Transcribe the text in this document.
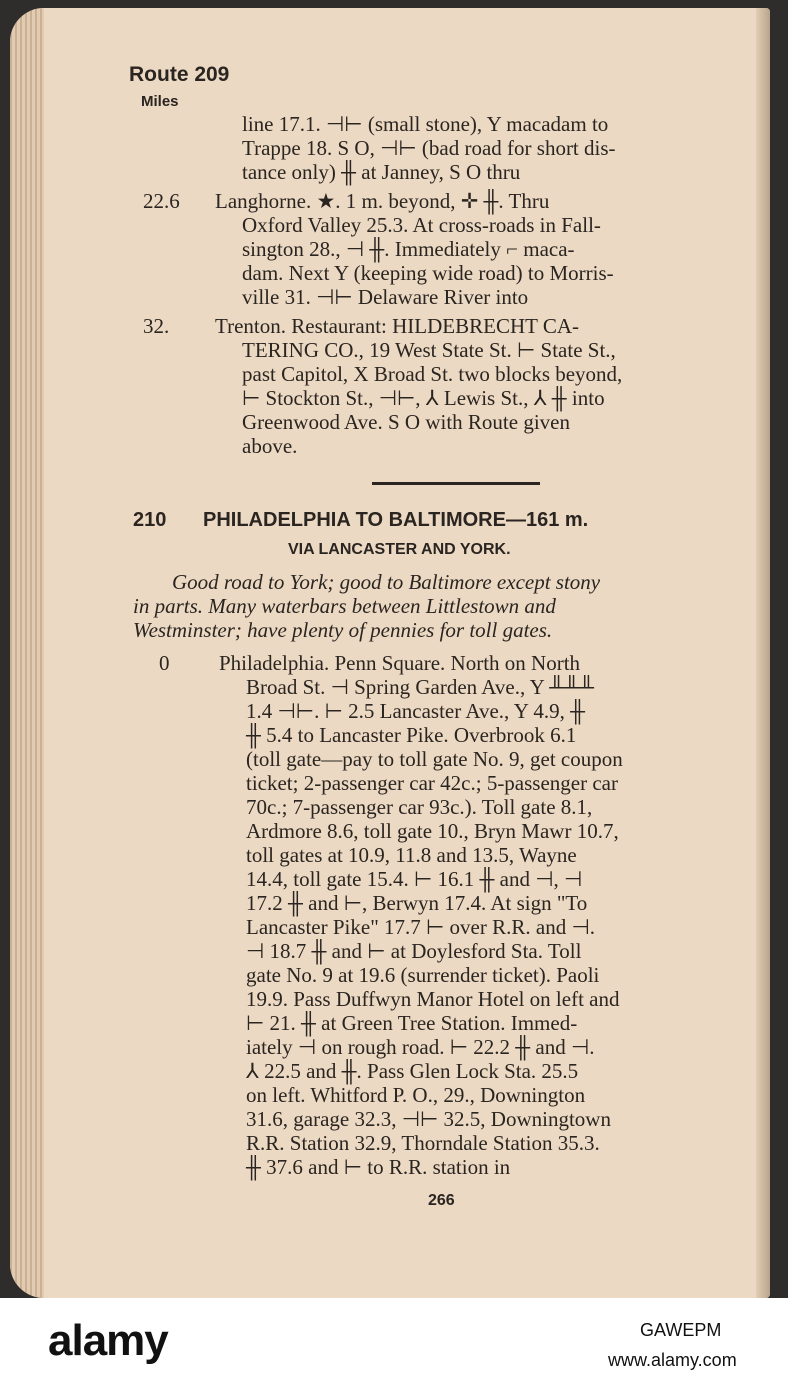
Route 209
Miles
line 17.1. ⊣⊢ (small stone), Y macadam to
Trappe 18. S O, ⊣⊢ (bad road for short dis-
tance only) ╫ at Janney, S O thru
22.6 Langhorne. ★. 1 m. beyond, ✛ ╫. Thru
Oxford Valley 25.3. At cross-roads in Fall-
sington 28., ⊣ ╫. Immediately ⌐ maca-
dam. Next Y (keeping wide road) to Morris-
ville 31. ⊣⊢ Delaware River into
32. Trenton. Restaurant: HILDEBRECHT CA-
TERING CO., 19 West State St. ⊢ State St.,
past Capitol, X Broad St. two blocks beyond,
⊢ Stockton St., ⊣⊢, ⅄ Lewis St., ⅄ ╫ into
Greenwood Ave. S O with Route given
above.
210 PHILADELPHIA TO BALTIMORE—161 m.
VIA LANCASTER AND YORK.
Good road to York; good to Baltimore except stony
in parts. Many waterbars between Littlestown and
Westminster; have plenty of pennies for toll gates.
0 Philadelphia. Penn Square. North on North
Broad St. ⊣ Spring Garden Ave., Y ╨╨╨
1.4 ⊣⊢. ⊢ 2.5 Lancaster Ave., Y 4.9, ╫
╫ 5.4 to Lancaster Pike. Overbrook 6.1
(toll gate—pay to toll gate No. 9, get coupon
ticket; 2-passenger car 42c.; 5-passenger car
70c.; 7-passenger car 93c.). Toll gate 8.1,
Ardmore 8.6, toll gate 10., Bryn Mawr 10.7,
toll gates at 10.9, 11.8 and 13.5, Wayne
14.4, toll gate 15.4. ⊢ 16.1 ╫ and ⊣, ⊣
17.2 ╫ and ⊢, Berwyn 17.4. At sign "To
Lancaster Pike" 17.7 ⊢ over R.R. and ⊣.
⊣ 18.7 ╫ and ⊢ at Doylesford Sta. Toll
gate No. 9 at 19.6 (surrender ticket). Paoli
19.9. Pass Duffwyn Manor Hotel on left and
⊢ 21. ╫ at Green Tree Station. Immed-
iately ⊣ on rough road. ⊢ 22.2 ╫ and ⊣.
⅄ 22.5 and ╫. Pass Glen Lock Sta. 25.5
on left. Whitford P. O., 29., Downington
31.6, garage 32.3, ⊣⊢ 32.5, Downingtown
R.R. Station 32.9, Thorndale Station 35.3.
╫ 37.6 and ⊢ to R.R. station in
266
alamy	GAWEPM
www.alamy.com
